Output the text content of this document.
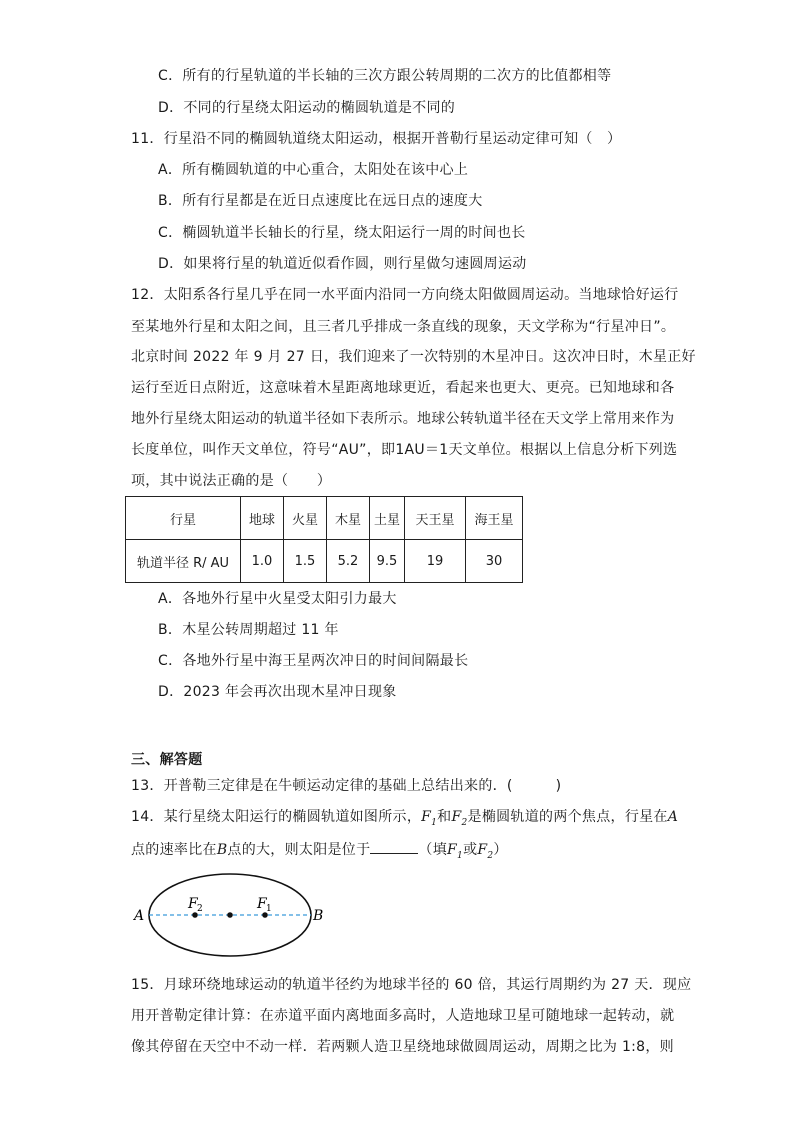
C．所有的行星轨道的半长轴的三次方跟公转周期的二次方的比值都相等
D．不同的行星绕太阳运动的椭圆轨道是不同的
11．行星沿不同的椭圆轨道绕太阳运动，根据开普勒行星运动定律可知（　）
A．所有椭圆轨道的中心重合，太阳处在该中心上
B．所有行星都是在近日点速度比在远日点的速度大
C．椭圆轨道半长轴长的行星，绕太阳运行一周的时间也长
D．如果将行星的轨道近似看作圆，则行星做匀速圆周运动
12．太阳系各行星几乎在同一水平面内沿同一方向绕太阳做圆周运动。当地球恰好运行
至某地外行星和太阳之间，且三者几乎排成一条直线的现象，天文学称为“行星冲日”。
北京时间 2022 年 9 月 27 日，我们迎来了一次特别的木星冲日。这次冲日时，木星正好
运行至近日点附近，这意味着木星距离地球更近，看起来也更大、更亮。已知地球和各
地外行星绕太阳运动的轨道半径如下表所示。地球公转轨道半径在天文学上常用来作为
长度单位，叫作天文单位，符号“AU”，即1AU＝1天文单位。根据以上信息分析下列选
项，其中说法正确的是（　　）
行星	地球	火星	木星	土星	天王星	海王星
轨道半径 R/ AU	1.0	1.5	5.2	9.5	19	30
A．各地外行星中火星受太阳引力最大
B．木星公转周期超过 11 年
C．各地外行星中海王星两次冲日的时间间隔最长
D．2023 年会再次出现木星冲日现象
三、解答题
13．开普勒三定律是在牛顿运动定律的基础上总结出来的．(　　　)
14．某行星绕太阳运行的椭圆轨道如图所示，$F_1$和$F_2$是椭圆轨道的两个焦点，行星在A
点的速率比在B点的大，则太阳是位于	（填$F_1$或$F_2$）
A	B
F 2	F 1
15．月球环绕地球运动的轨道半径约为地球半径的 60 倍，其运行周期约为 27 天．现应
用开普勒定律计算：在赤道平面内离地面多高时，人造地球卫星可随地球一起转动，就
像其停留在天空中不动一样．若两颗人造卫星绕地球做圆周运动，周期之比为 1:8，则
